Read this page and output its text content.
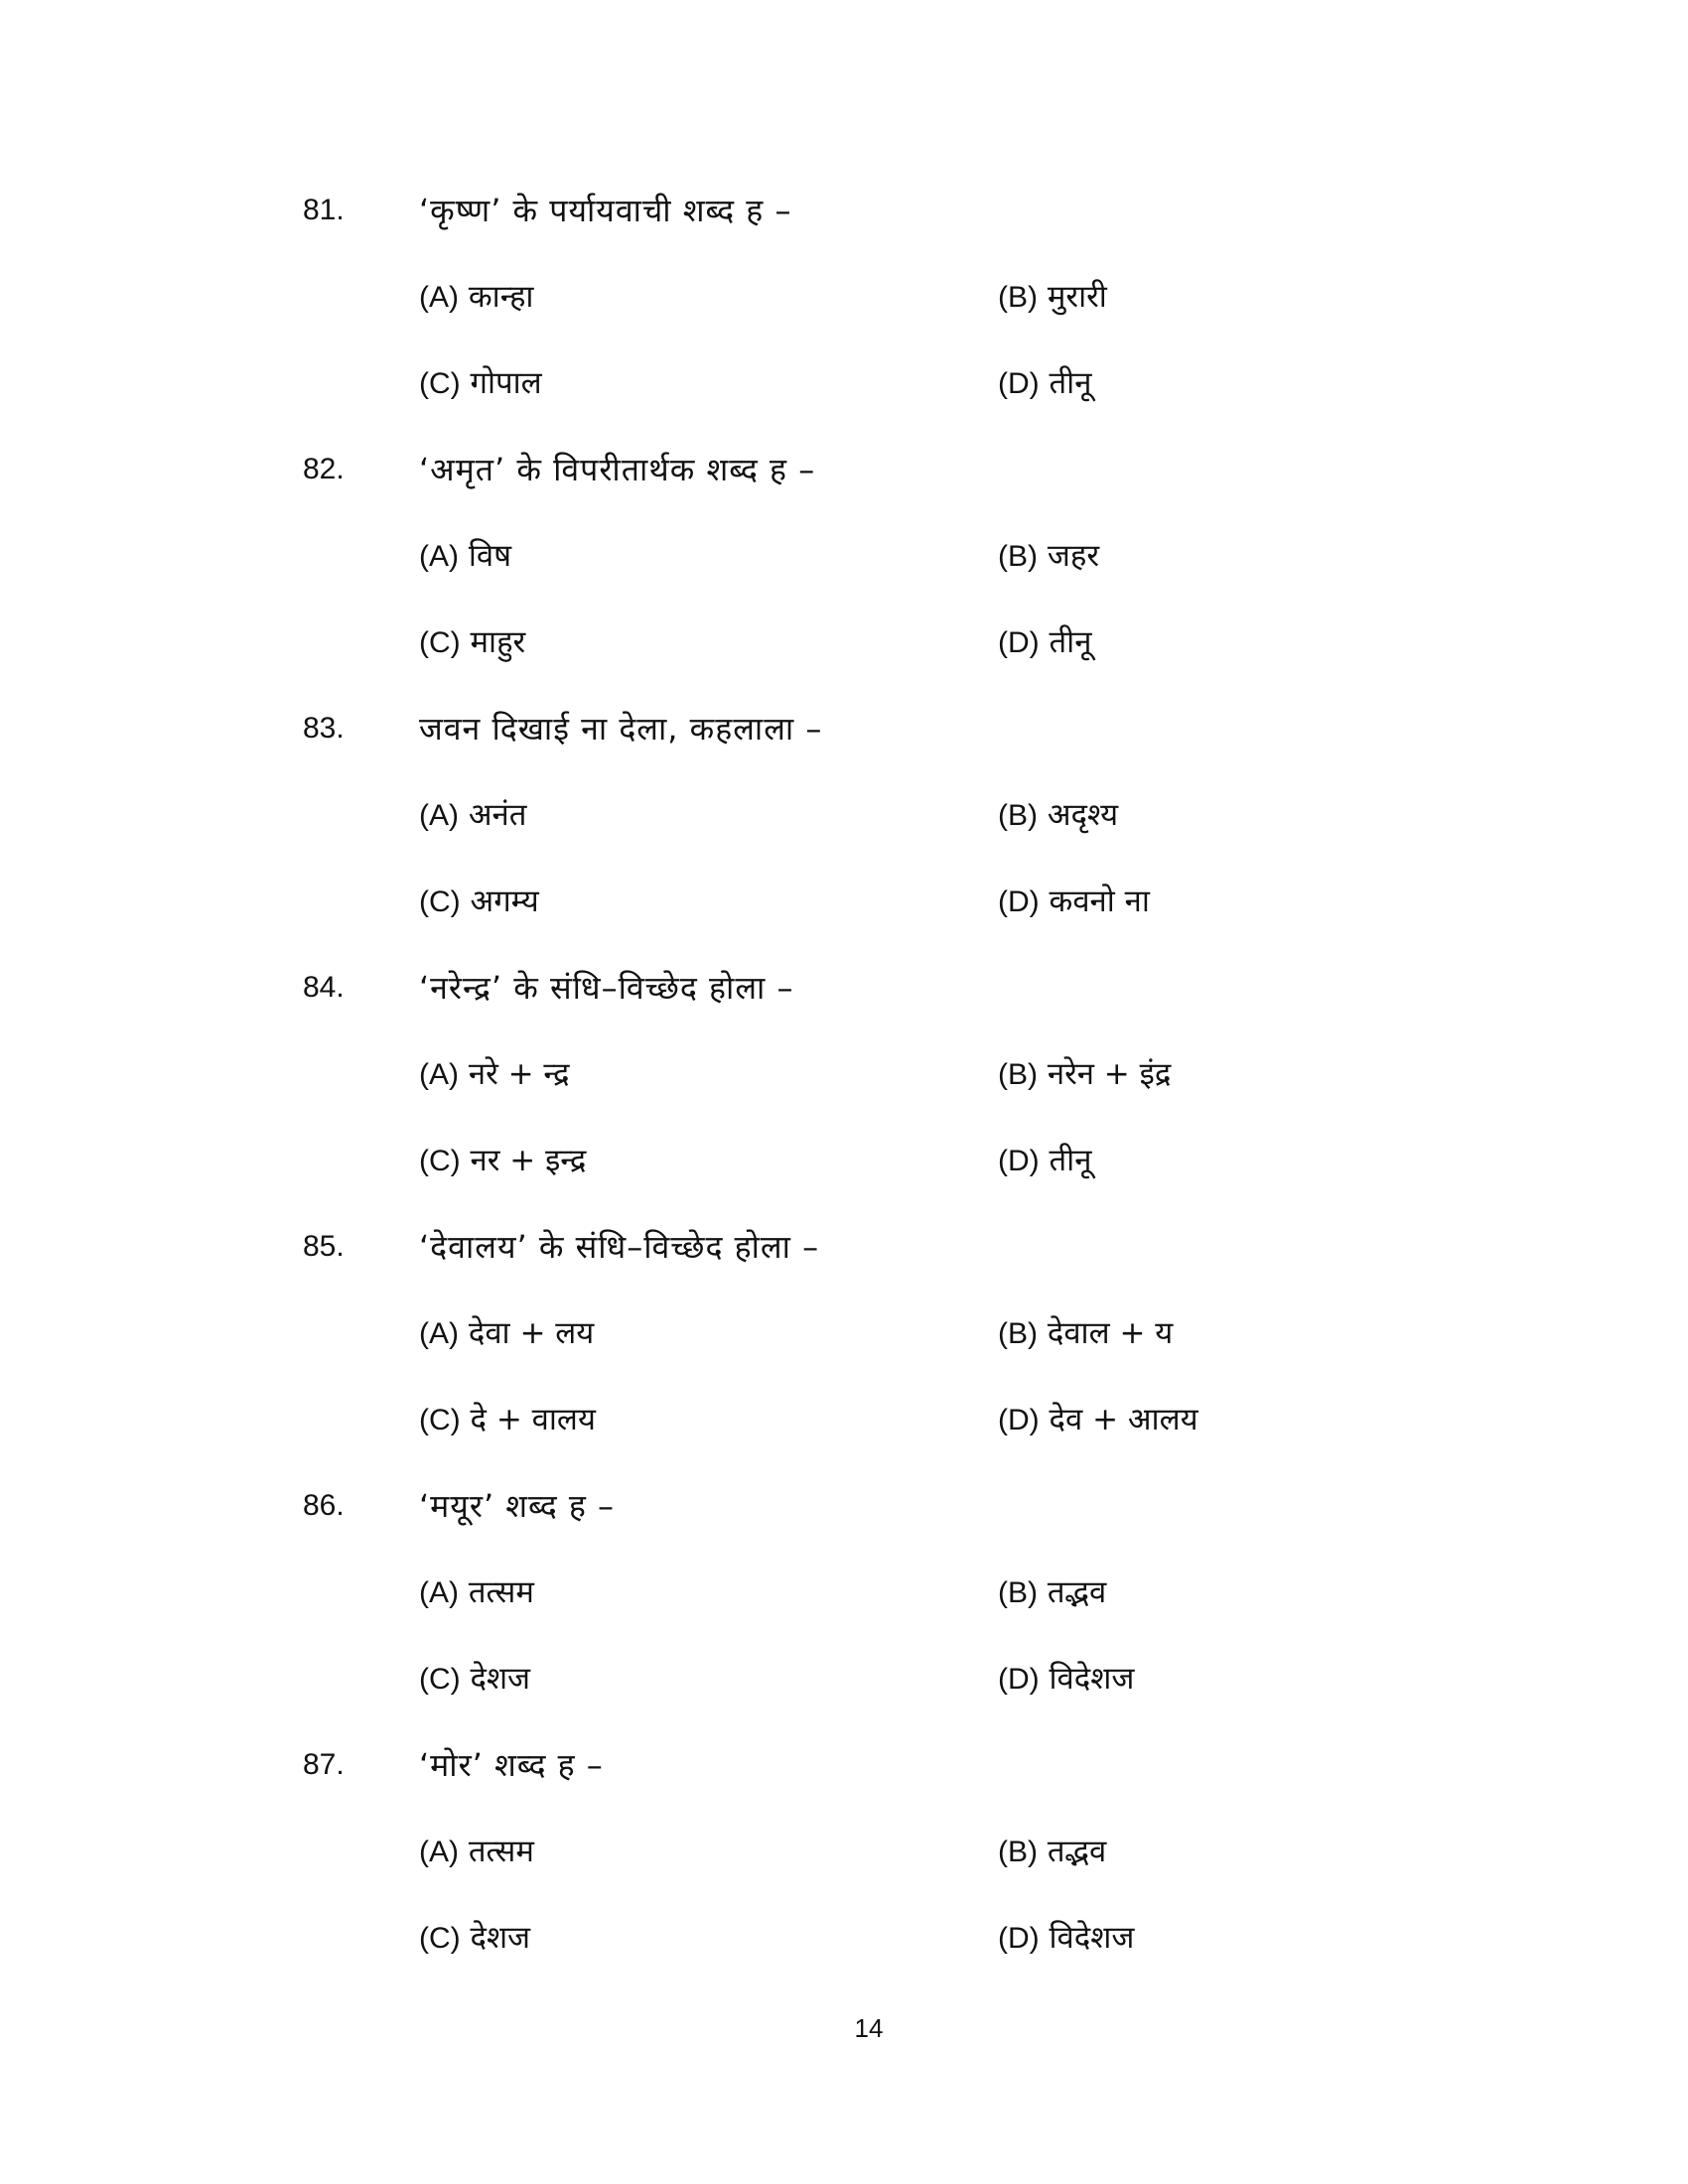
81. ‘कृष्ण’ के पर्यायवाची शब्द ह –
(A) कान्हा	(B) मुरारी
(C) गोपाल	(D) तीनू
82. ‘अमृत’ के विपरीतार्थक शब्द ह –
(A) विष	(B) जहर
(C) माहुर	(D) तीनू
83. जवन दिखाई ना देला, कहलाला –
(A) अनंत	(B) अदृश्य
(C) अगम्य	(D) कवनो ना
84. ‘नरेन्द्र’ के संधि–विच्छेद होला –
(A) नरे + न्द्र	(B) नरेन + इंद्र
(C) नर + इन्द्र	(D) तीनू
85. ‘देवालय’ के संधि–विच्छेद होला –
(A) देवा + लय	(B) देवाल + य
(C) दे + वालय	(D) देव + आलय
86. ‘मयूर’ शब्द ह –
(A) तत्सम	(B) तद्भव
(C) देशज	(D) विदेशज
87. ‘मोर’ शब्द ह –
(A) तत्सम	(B) तद्भव
(C) देशज	(D) विदेशज
14
